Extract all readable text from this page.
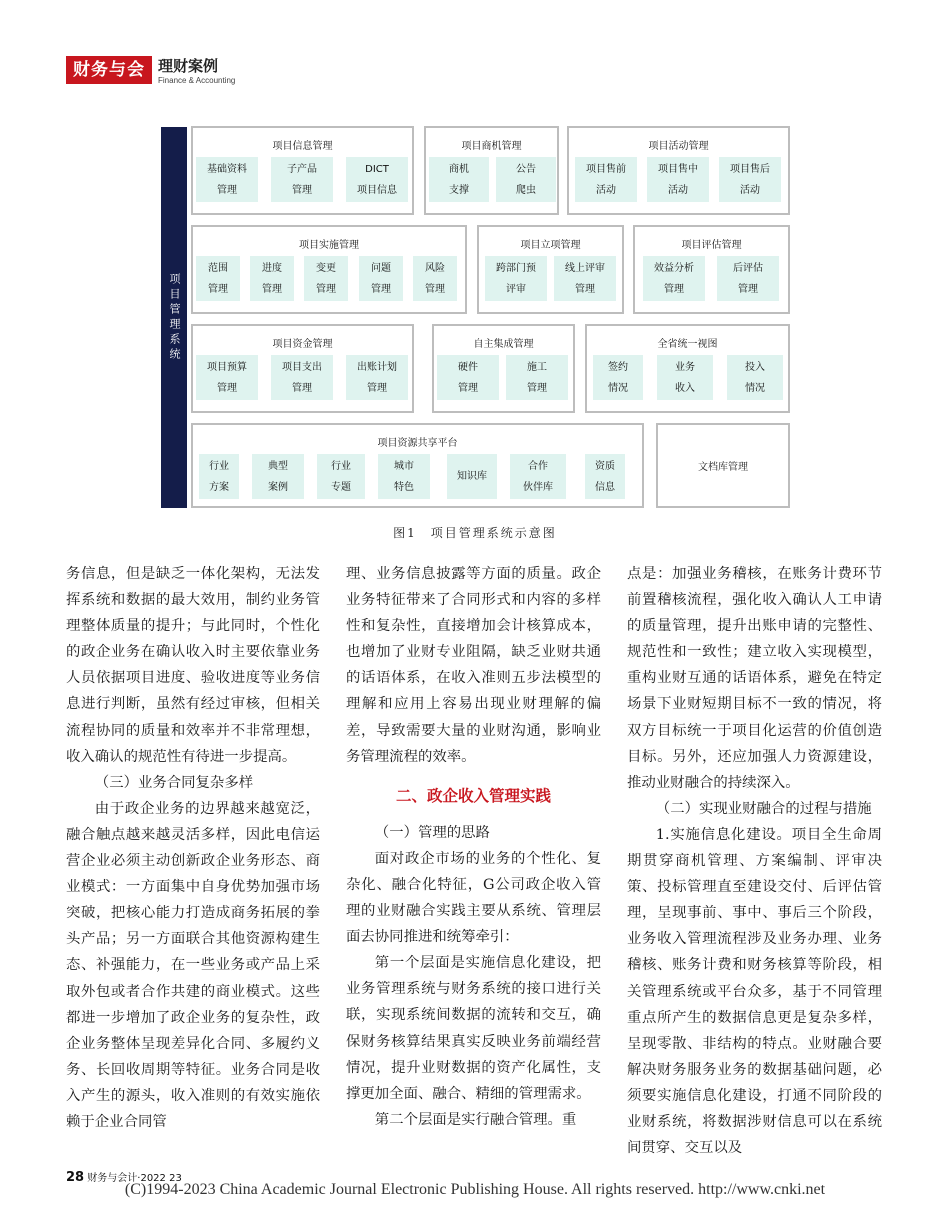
财务与会计
理财案例
Finance & Accounting
项目管理系统
项目信息管理
基础资料
管理
子产品
管理
DICT
项目信息
项目商机管理
商机
支撑
公告
爬虫
项目活动管理
项目售前
活动
项目售中
活动
项目售后
活动
项目实施管理
范围
管理
进度
管理
变更
管理
问题
管理
风险
管理
项目立项管理
跨部门预
评审
线上评审
管理
项目评估管理
效益分析
管理
后评估
管理
项目资金管理
项目预算
管理
项目支出
管理
出账计划
管理
自主集成管理
硬件
管理
施工
管理
全省统一视图
签约
情况
业务
收入
投入
情况
项目资源共享平台
行业
方案
典型
案例
行业
专题
城市
特色
知识库
合作
伙伴库
资质
信息
文档库管理
图1　项目管理系统示意图

务信息，但是缺乏一体化架构，无法发挥系统和数据的最大效用，制约业务管理整体质量的提升；与此同时，个性化的政企业务在确认收入时主要依靠业务人员依据项目进度、验收进度等业务信息进行判断，虽然有经过审核，但相关流程协同的质量和效率并不非常理想，收入确认的规范性有待进一步提高。

（三）业务合同复杂多样

由于政企业务的边界越来越宽泛，融合触点越来越灵活多样，因此电信运营企业必须主动创新政企业务形态、商业模式：一方面集中自身优势加强市场突破，把核心能力打造成商务拓展的拳头产品；另一方面联合其他资源构建生态、补强能力，在一些业务或产品上采取外包或者合作共建的商业模式。这些都进一步增加了政企业务的复杂性，政企业务整体呈现差异化合同、多履约义务、长回收周期等特征。业务合同是收入产生的源头，收入准则的有效实施依赖于企业合同管

理、业务信息披露等方面的质量。政企业务特征带来了合同形式和内容的多样性和复杂性，直接增加会计核算成本，也增加了业财专业阻隔，缺乏业财共通的话语体系，在收入准则五步法模型的理解和应用上容易出现业财理解的偏差，导致需要大量的业财沟通，影响业务管理流程的效率。

二、政企收入管理实践

（一）管理的思路

面对政企市场的业务的个性化、复杂化、融合化特征，G公司政企收入管理的业财融合实践主要从系统、管理层面去协同推进和统筹牵引：

第一个层面是实施信息化建设，把业务管理系统与财务系统的接口进行关联，实现系统间数据的流转和交互，确保财务核算结果真实反映业务前端经营情况，提升业财数据的资产化属性，支撑更加全面、融合、精细的管理需求。

第二个层面是实行融合管理。重

点是：加强业务稽核，在账务计费环节前置稽核流程，强化收入确认人工申请的质量管理，提升出账申请的完整性、规范性和一致性；建立收入实现模型，重构业财互通的话语体系，避免在特定场景下业财短期目标不一致的情况，将双方目标统一于项目化运营的价值创造目标。另外，还应加强人力资源建设，推动业财融合的持续深入。

（二）实现业财融合的过程与措施

1.实施信息化建设。项目全生命周期贯穿商机管理、方案编制、评审决策、投标管理直至建设交付、后评估管理，呈现事前、事中、事后三个阶段，业务收入管理流程涉及业务办理、业务稽核、账务计费和财务核算等阶段，相关管理系统或平台众多，基于不同管理重点所产生的数据信息更是复杂多样，呈现零散、非结构的特点。业财融合要解决财务服务业务的数据基础问题，必须要实施信息化建设，打通不同阶段的业财系统，将数据涉财信息可以在系统间贯穿、交互以及

28 财务与会计·2022 23
(C)1994-2023 China Academic Journal Electronic Publishing House. All rights reserved. http://www.cnki.net
